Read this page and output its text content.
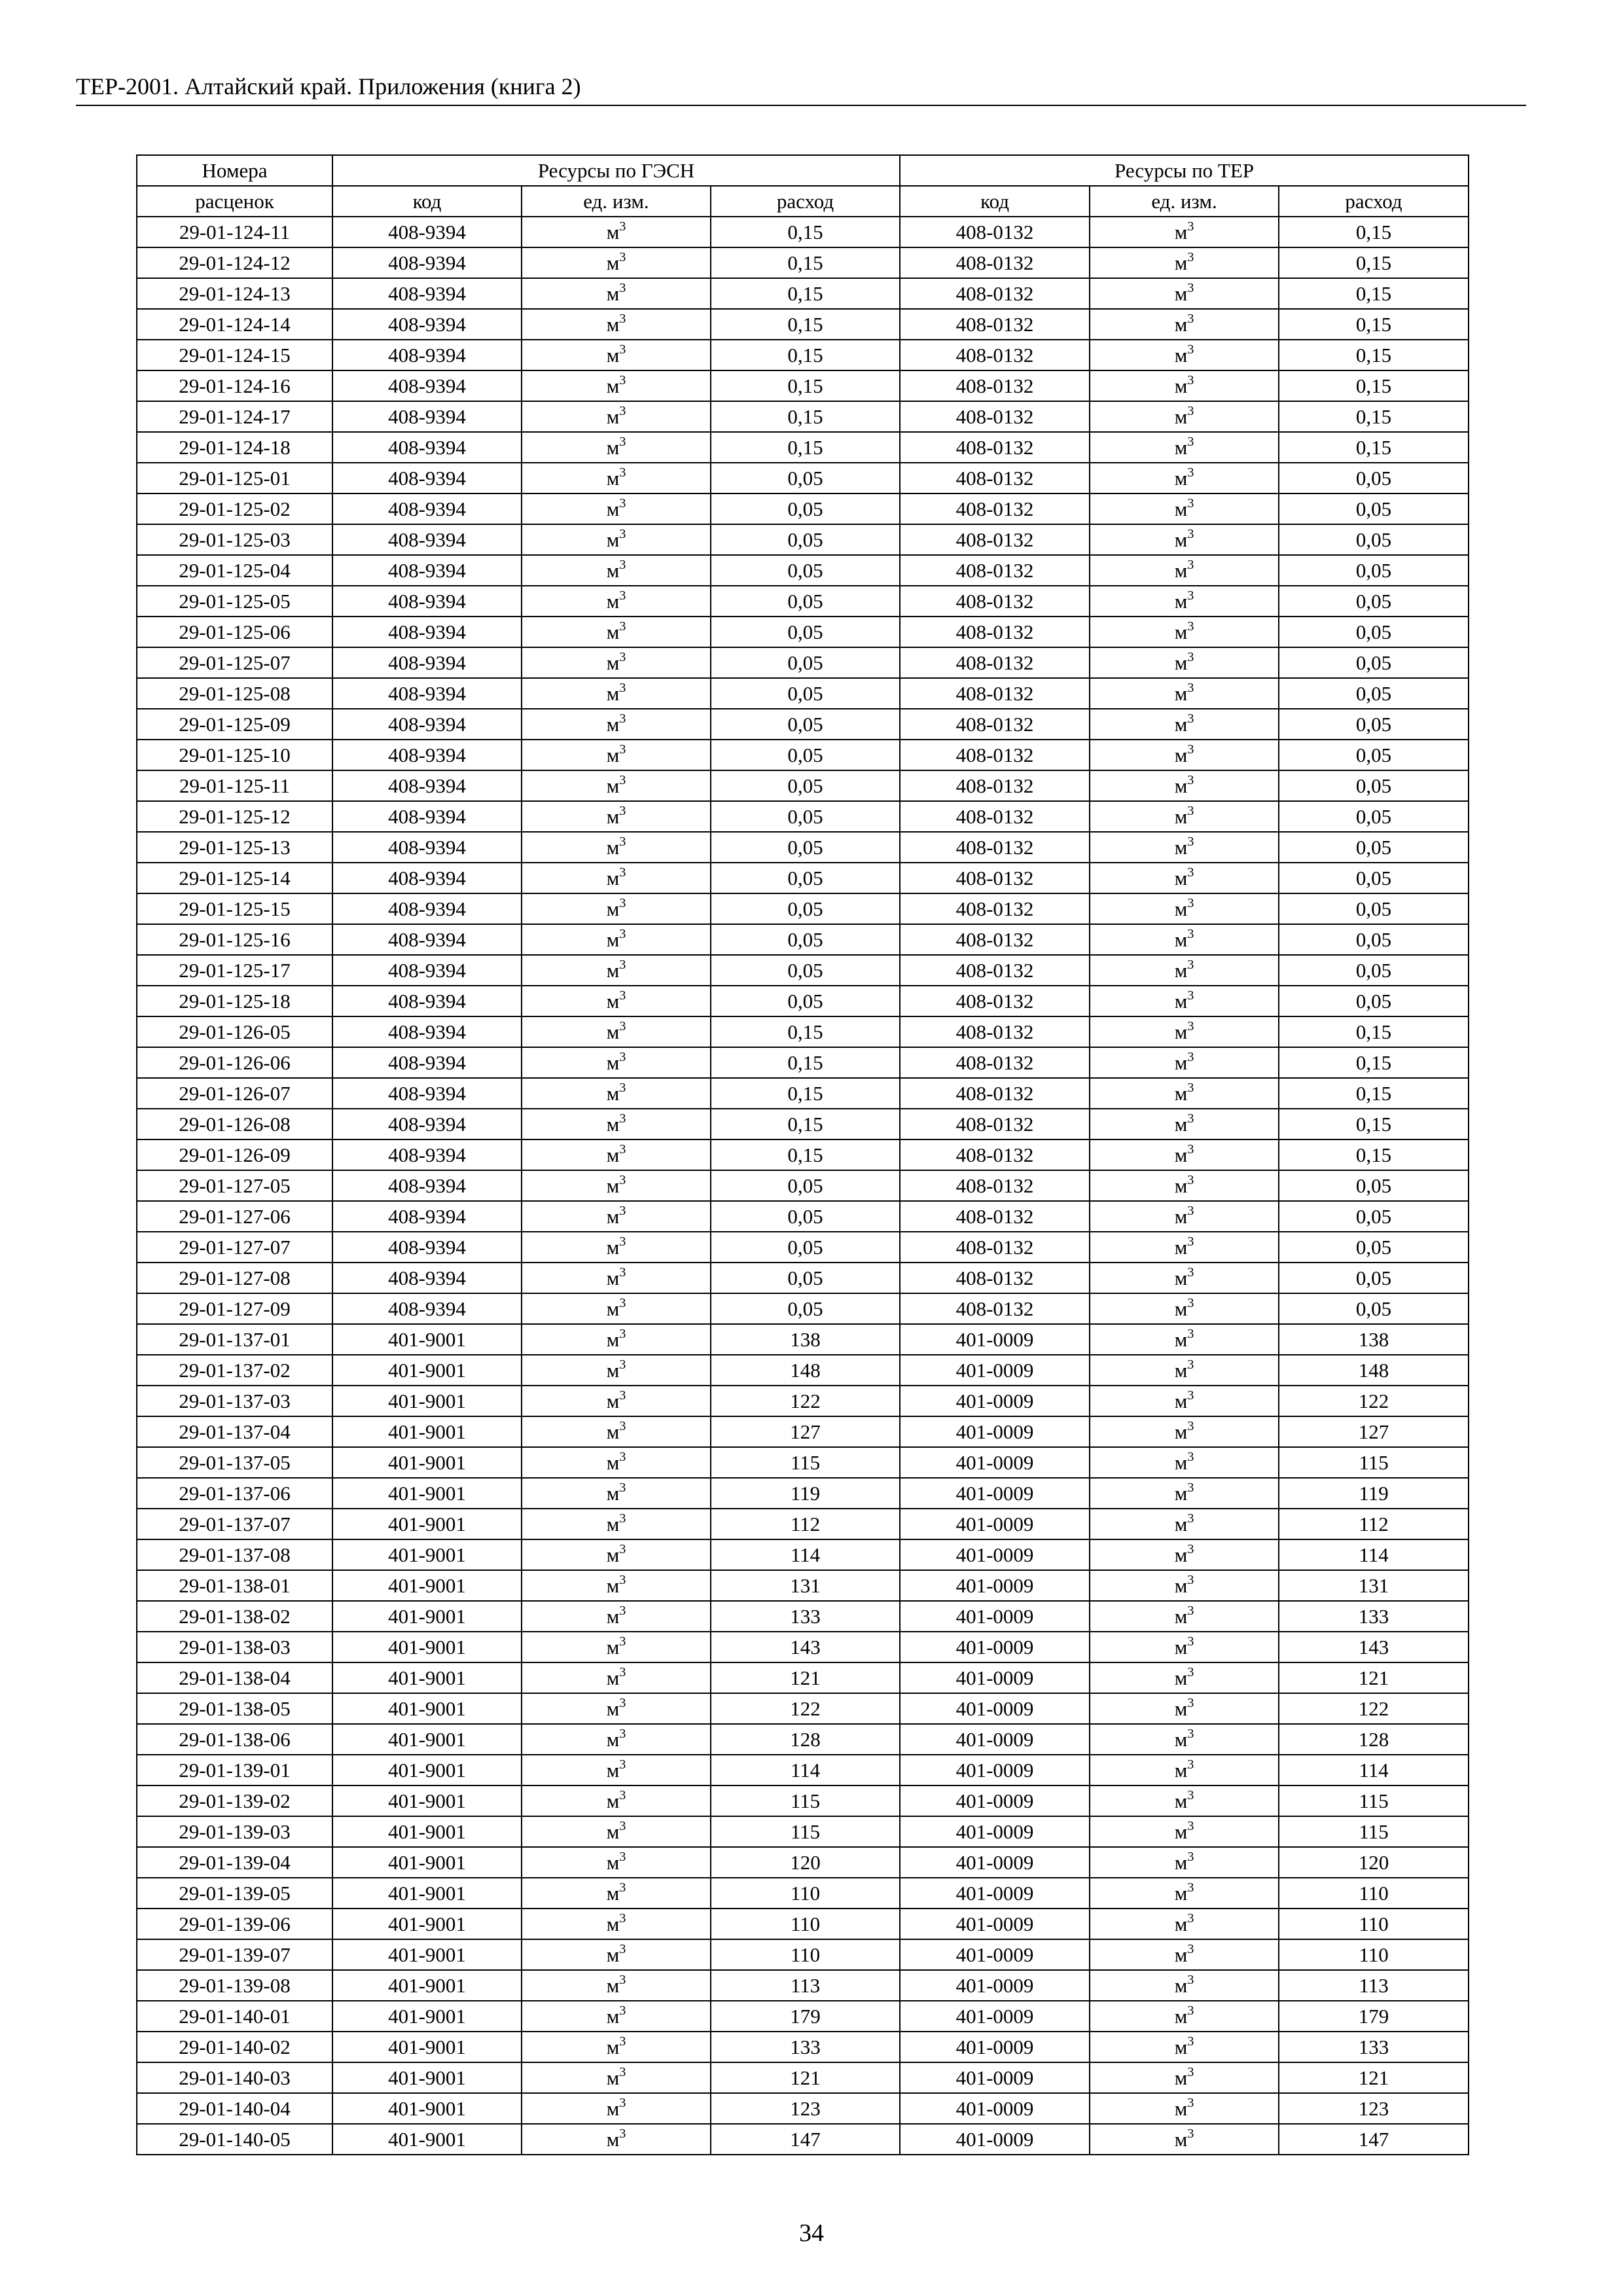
ТЕР-2001. Алтайский край. Приложения (книга 2)
Номера	Ресурсы по ГЭСН			Ресурсы по ТЕР		
расценок	код	ед. изм.	расход	код	ед. изм.	расход
29-01-124-11	408-9394	$м^3$	0,15	408-0132	$м^3$	0,15
29-01-124-12	408-9394	$м^3$	0,15	408-0132	$м^3$	0,15
29-01-124-13	408-9394	$м^3$	0,15	408-0132	$м^3$	0,15
29-01-124-14	408-9394	$м^3$	0,15	408-0132	$м^3$	0,15
29-01-124-15	408-9394	$м^3$	0,15	408-0132	$м^3$	0,15
29-01-124-16	408-9394	$м^3$	0,15	408-0132	$м^3$	0,15
29-01-124-17	408-9394	$м^3$	0,15	408-0132	$м^3$	0,15
29-01-124-18	408-9394	$м^3$	0,15	408-0132	$м^3$	0,15
29-01-125-01	408-9394	$м^3$	0,05	408-0132	$м^3$	0,05
29-01-125-02	408-9394	$м^3$	0,05	408-0132	$м^3$	0,05
29-01-125-03	408-9394	$м^3$	0,05	408-0132	$м^3$	0,05
29-01-125-04	408-9394	$м^3$	0,05	408-0132	$м^3$	0,05
29-01-125-05	408-9394	$м^3$	0,05	408-0132	$м^3$	0,05
29-01-125-06	408-9394	$м^3$	0,05	408-0132	$м^3$	0,05
29-01-125-07	408-9394	$м^3$	0,05	408-0132	$м^3$	0,05
29-01-125-08	408-9394	$м^3$	0,05	408-0132	$м^3$	0,05
29-01-125-09	408-9394	$м^3$	0,05	408-0132	$м^3$	0,05
29-01-125-10	408-9394	$м^3$	0,05	408-0132	$м^3$	0,05
29-01-125-11	408-9394	$м^3$	0,05	408-0132	$м^3$	0,05
29-01-125-12	408-9394	$м^3$	0,05	408-0132	$м^3$	0,05
29-01-125-13	408-9394	$м^3$	0,05	408-0132	$м^3$	0,05
29-01-125-14	408-9394	$м^3$	0,05	408-0132	$м^3$	0,05
29-01-125-15	408-9394	$м^3$	0,05	408-0132	$м^3$	0,05
29-01-125-16	408-9394	$м^3$	0,05	408-0132	$м^3$	0,05
29-01-125-17	408-9394	$м^3$	0,05	408-0132	$м^3$	0,05
29-01-125-18	408-9394	$м^3$	0,05	408-0132	$м^3$	0,05
29-01-126-05	408-9394	$м^3$	0,15	408-0132	$м^3$	0,15
29-01-126-06	408-9394	$м^3$	0,15	408-0132	$м^3$	0,15
29-01-126-07	408-9394	$м^3$	0,15	408-0132	$м^3$	0,15
29-01-126-08	408-9394	$м^3$	0,15	408-0132	$м^3$	0,15
29-01-126-09	408-9394	$м^3$	0,15	408-0132	$м^3$	0,15
29-01-127-05	408-9394	$м^3$	0,05	408-0132	$м^3$	0,05
29-01-127-06	408-9394	$м^3$	0,05	408-0132	$м^3$	0,05
29-01-127-07	408-9394	$м^3$	0,05	408-0132	$м^3$	0,05
29-01-127-08	408-9394	$м^3$	0,05	408-0132	$м^3$	0,05
29-01-127-09	408-9394	$м^3$	0,05	408-0132	$м^3$	0,05
29-01-137-01	401-9001	$м^3$	138	401-0009	$м^3$	138
29-01-137-02	401-9001	$м^3$	148	401-0009	$м^3$	148
29-01-137-03	401-9001	$м^3$	122	401-0009	$м^3$	122
29-01-137-04	401-9001	$м^3$	127	401-0009	$м^3$	127
29-01-137-05	401-9001	$м^3$	115	401-0009	$м^3$	115
29-01-137-06	401-9001	$м^3$	119	401-0009	$м^3$	119
29-01-137-07	401-9001	$м^3$	112	401-0009	$м^3$	112
29-01-137-08	401-9001	$м^3$	114	401-0009	$м^3$	114
29-01-138-01	401-9001	$м^3$	131	401-0009	$м^3$	131
29-01-138-02	401-9001	$м^3$	133	401-0009	$м^3$	133
29-01-138-03	401-9001	$м^3$	143	401-0009	$м^3$	143
29-01-138-04	401-9001	$м^3$	121	401-0009	$м^3$	121
29-01-138-05	401-9001	$м^3$	122	401-0009	$м^3$	122
29-01-138-06	401-9001	$м^3$	128	401-0009	$м^3$	128
29-01-139-01	401-9001	$м^3$	114	401-0009	$м^3$	114
29-01-139-02	401-9001	$м^3$	115	401-0009	$м^3$	115
29-01-139-03	401-9001	$м^3$	115	401-0009	$м^3$	115
29-01-139-04	401-9001	$м^3$	120	401-0009	$м^3$	120
29-01-139-05	401-9001	$м^3$	110	401-0009	$м^3$	110
29-01-139-06	401-9001	$м^3$	110	401-0009	$м^3$	110
29-01-139-07	401-9001	$м^3$	110	401-0009	$м^3$	110
29-01-139-08	401-9001	$м^3$	113	401-0009	$м^3$	113
29-01-140-01	401-9001	$м^3$	179	401-0009	$м^3$	179
29-01-140-02	401-9001	$м^3$	133	401-0009	$м^3$	133
29-01-140-03	401-9001	$м^3$	121	401-0009	$м^3$	121
29-01-140-04	401-9001	$м^3$	123	401-0009	$м^3$	123
29-01-140-05	401-9001	$м^3$	147	401-0009	$м^3$	147
34
